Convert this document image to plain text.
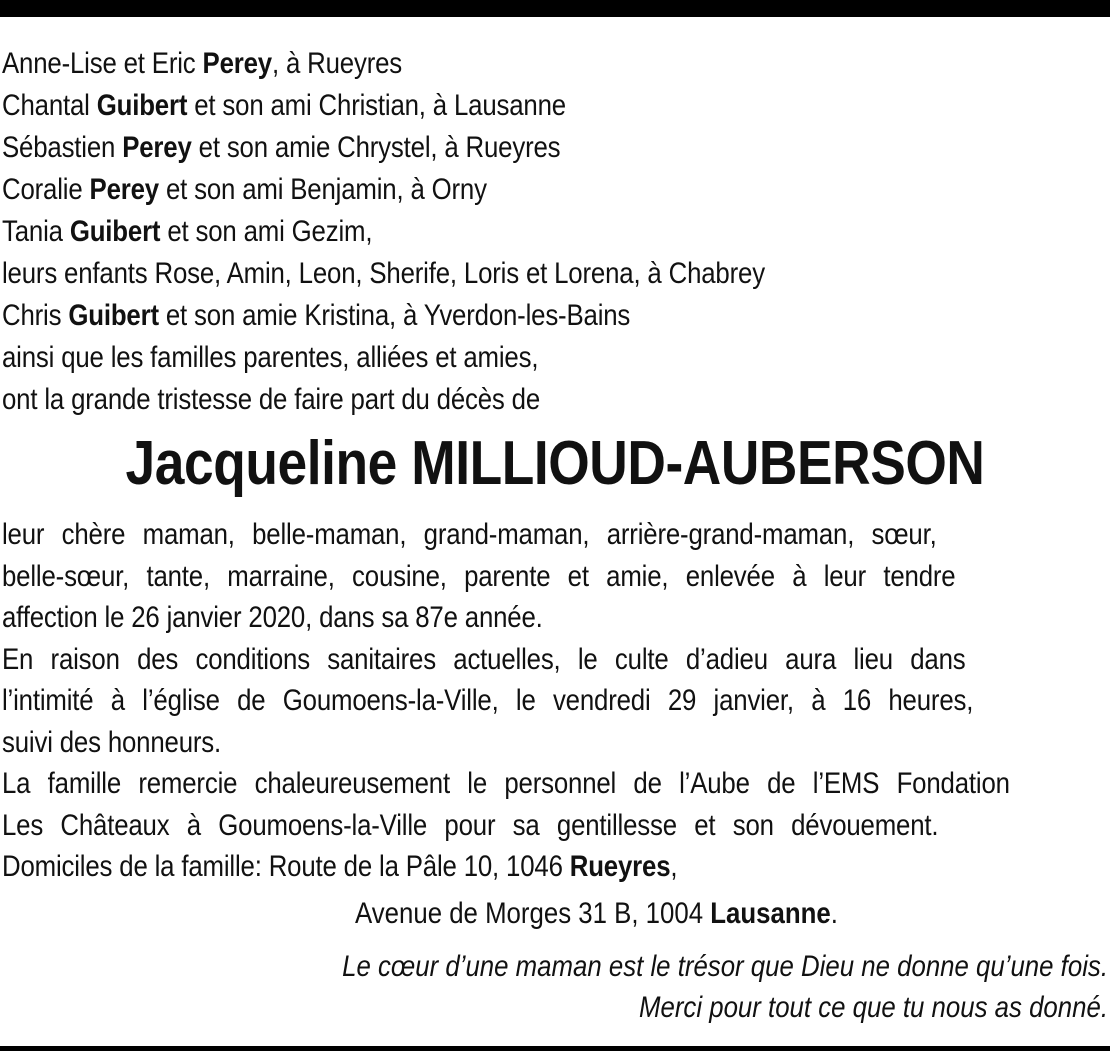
Anne-Lise et Eric Perey, à Rueyres
Chantal Guibert et son ami Christian, à Lausanne
Sébastien Perey et son amie Chrystel, à Rueyres
Coralie Perey et son ami Benjamin, à Orny
Tania Guibert et son ami Gezim,
leurs enfants Rose, Amin, Leon, Sherife, Loris et Lorena, à Chabrey
Chris Guibert et son amie Kristina, à Yverdon-les-Bains
ainsi que les familles parentes, alliées et amies,
ont la grande tristesse de faire part du décès de
Jacqueline MILLIOUD-AUBERSON
leur chère maman, belle-maman, grand-maman, arrière-grand-maman, sœur,
belle-sœur, tante, marraine, cousine, parente et amie, enlevée à leur tendre
affection le 26 janvier 2020, dans sa 87e année.
En raison des conditions sanitaires actuelles, le culte d’adieu aura lieu dans
l’intimité à l’église de Goumoens-la-Ville, le vendredi 29 janvier, à 16 heures,
suivi des honneurs.
La famille remercie chaleureusement le personnel de l’Aube de l’EMS Fondation
Les Châteaux à Goumoens-la-Ville pour sa gentillesse et son dévouement.
Domiciles de la famille: Route de la Pâle 10, 1046 Rueyres,
Avenue de Morges 31 B, 1004 Lausanne.
Le cœur d’une maman est le trésor que Dieu ne donne qu’une fois.
Merci pour tout ce que tu nous as donné.
